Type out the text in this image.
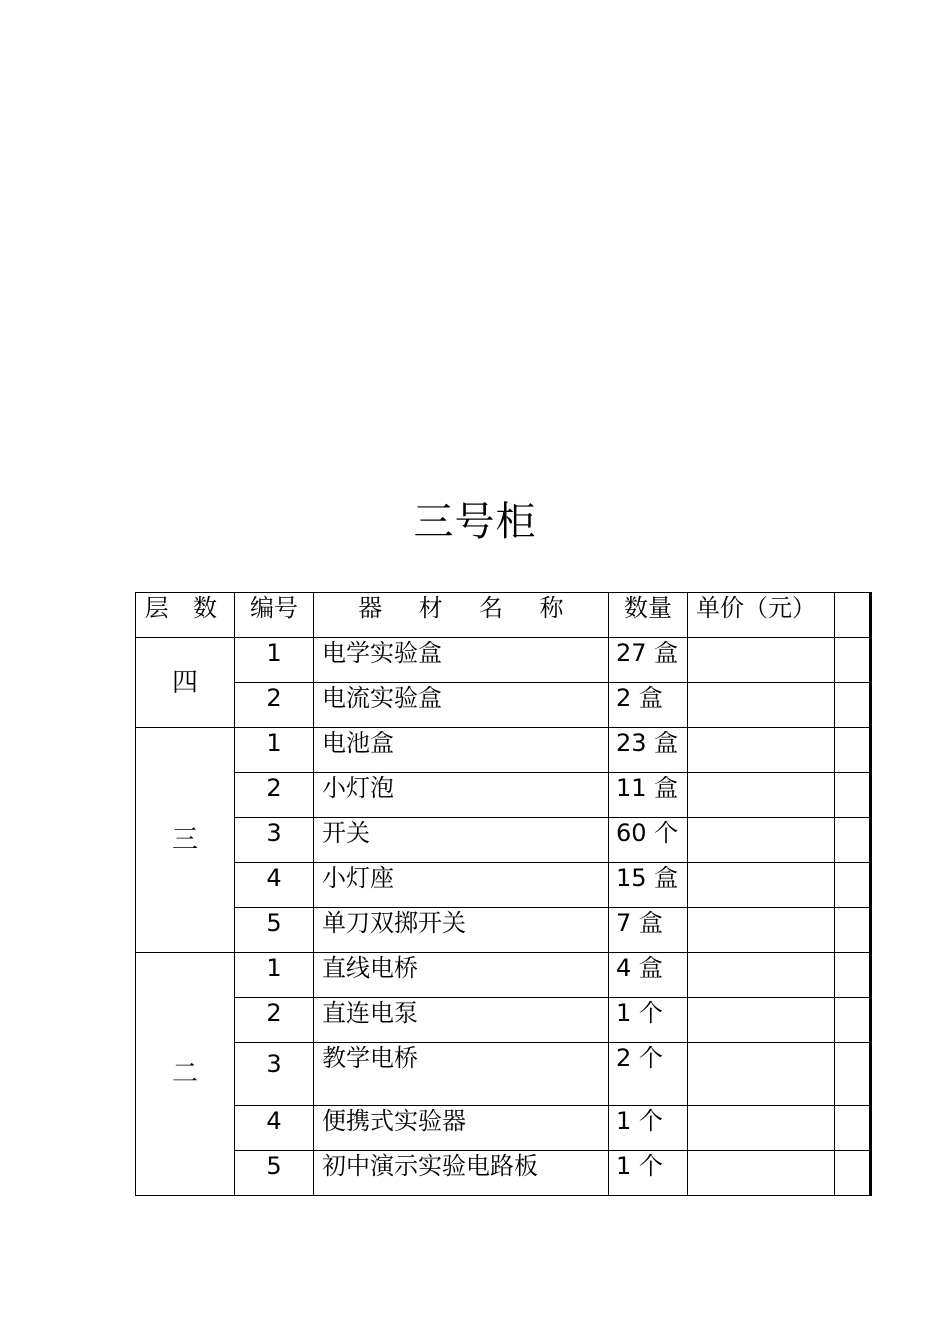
三号柜
层 数	编号	器 材 名 称	数量	单价（元）	
四	1	电学实验盒	27 盒		
	2	电流实验盒	2 盒		
三	1	电池盒	23 盒		
	2	小灯泡	11 盒		
	3	开关	60 个		
	4	小灯座	15 盒		
	5	单刀双掷开关	7 盒		
二	1	直线电桥	4 盒		
	2	直连电泵	1 个		
	3	教学电桥	2 个		
	4	便携式实验器	1 个		
	5	初中演示实验电路板	1 个		
